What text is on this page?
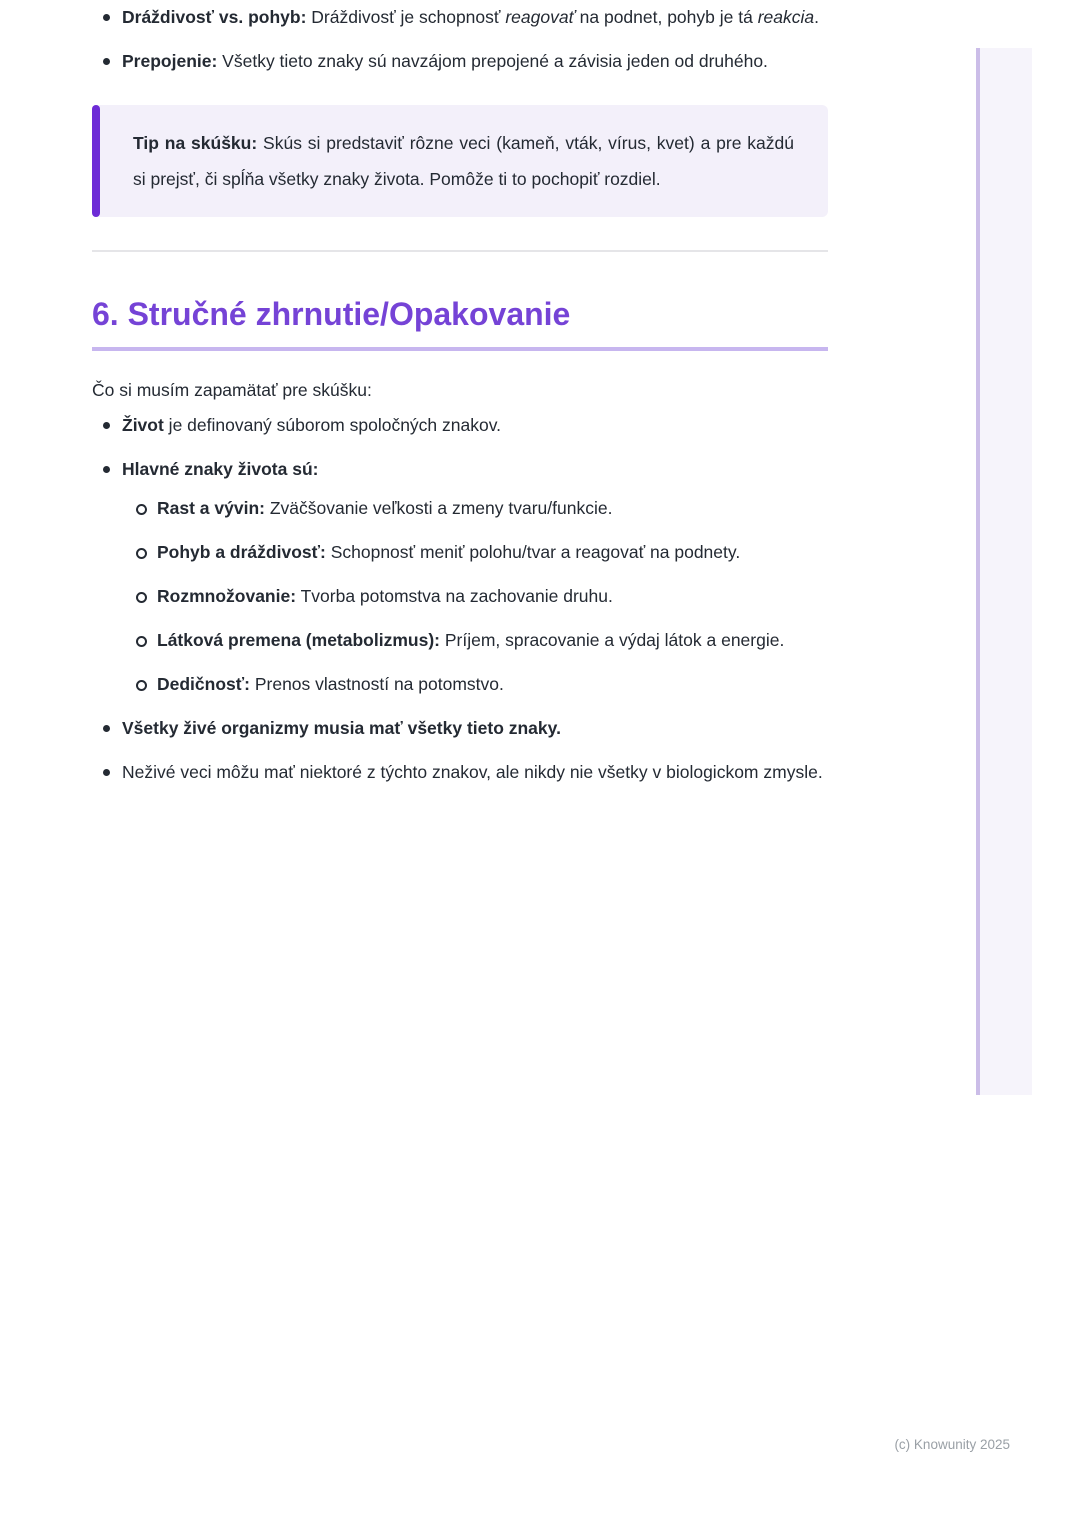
Dráždivosť vs. pohyb: Dráždivosť je schopnosť reagovať na podnet, pohyb je tá reakcia.
Prepojenie: Všetky tieto znaky sú navzájom prepojené a závisia jeden od druhého.

Tip na skúšku: Skús si predstaviť rôzne veci (kameň, vták, vírus, kvet) a pre každú si prejsť, či spĺňa všetky znaky života. Pomôže ti to pochopiť rozdiel.

6. Stručné zhrnutie/Opakovanie

Čo si musím zapamätať pre skúšku:

Život je definovaný súborom spoločných znakov.
Hlavné znaky života sú:
Rast a vývin: Zväčšovanie veľkosti a zmeny tvaru/funkcie.
Pohyb a dráždivosť: Schopnosť meniť polohu/tvar a reagovať na podnety.
Rozmnožovanie: Tvorba potomstva na zachovanie druhu.
Látková premena (metabolizmus): Príjem, spracovanie a výdaj látok a energie.
Dedičnosť: Prenos vlastností na potomstvo.
Všetky živé organizmy musia mať všetky tieto znaky.
Neživé veci môžu mať niektoré z týchto znakov, ale nikdy nie všetky v biologickom zmysle.
(c) Knowunity 2025
